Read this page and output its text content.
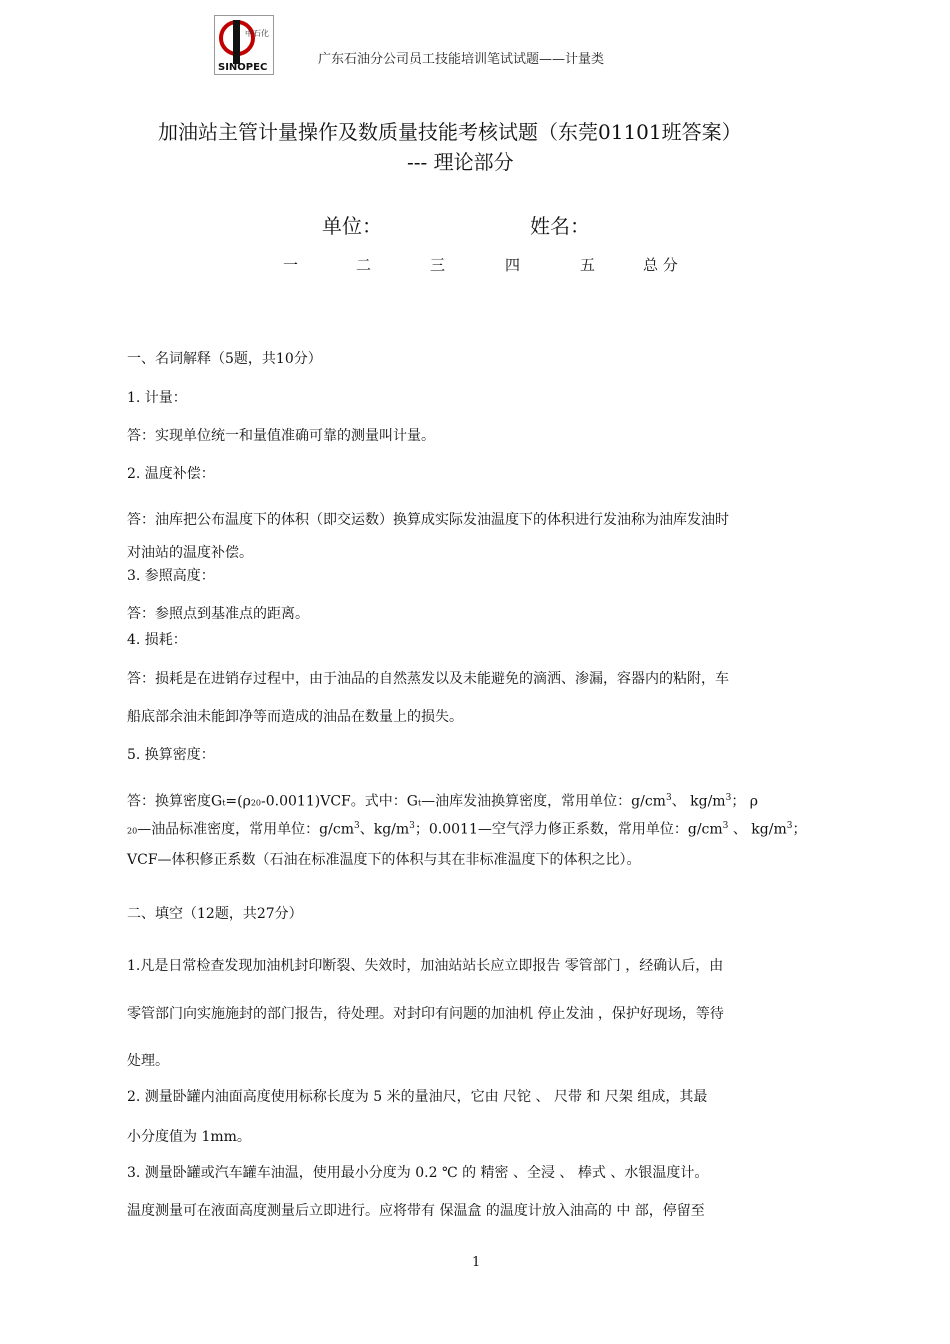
中石化
SINOPEC
广东石油分公司员工技能培训笔试试题——计量类
加油站主管计量操作及数质量技能考核试题（东莞01101班答案）
--- 理论部分
单位：	姓名：
一	二	三	四	五	总 分
一、名词解释（5题，共10分）
1. 计量：
答：实现单位统一和量值准确可靠的测量叫计量。
2. 温度补偿：
答：油库把公布温度下的体积（即交运数）换算成实际发油温度下的体积进行发油称为油库发油时
对油站的温度补偿。
3. 参照高度：
答：参照点到基准点的距离。
4. 损耗：
答：损耗是在进销存过程中，由于油品的自然蒸发以及未能避免的滴洒、渗漏，容器内的粘附，车
船底部余油未能卸净等而造成的油品在数量上的损失。
5. 换算密度：
答：换算密度Gt=(ρ20-0.0011)VCF。式中：Gt—油库发油换算密度，常用单位：$g/cm^3$、 $kg/m^3$； ρ
20—油品标准密度，常用单位：$g/cm^3$、$kg/m^3$；0.0011—空气浮力修正系数，常用单位：$g/cm^3$ 、 $kg/m^3$；
VCF—体积修正系数（石油在标准温度下的体积与其在非标准温度下的体积之比）。
二、填空（12题，共27分）
1.凡是日常检查发现加油机封印断裂、失效时，加油站站长应立即报告 零管部门 ，经确认后，由
零管部门向实施施封的部门报告，待处理。对封印有问题的加油机 停止发油 ，保护好现场，等待
处理。
2. 测量卧罐内油面高度使用标称长度为 5 米的量油尺，它由 尺铊 、 尺带 和 尺架 组成，其最
小分度值为 1mm。
3. 测量卧罐或汽车罐车油温，使用最小分度为 0.2 ℃ 的 精密 、全浸 、 棒式 、水银温度计。
温度测量可在液面高度测量后立即进行。应将带有 保温盒 的温度计放入油高的 中 部，停留至
1
